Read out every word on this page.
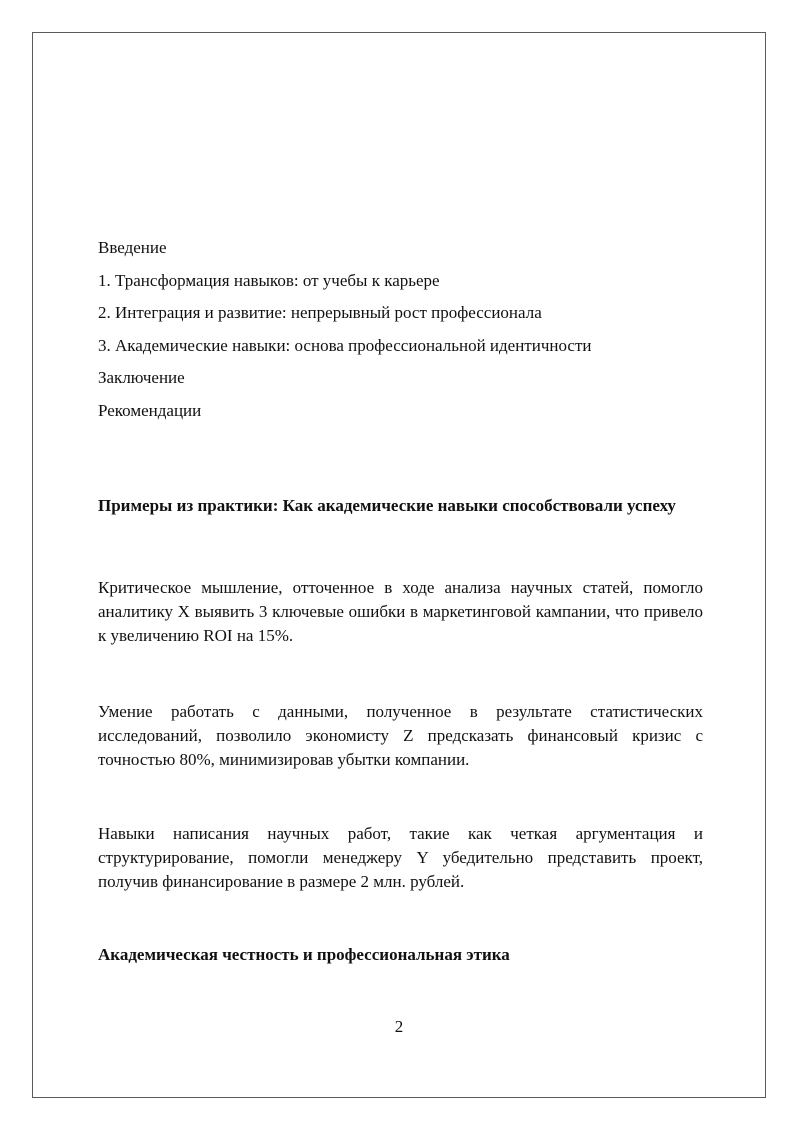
Введение

1. Трансформация навыков: от учебы к карьере

2. Интеграция и развитие: непрерывный рост профессионала

3. Академические навыки: основа профессиональной идентичности

Заключение

Рекомендации

Примеры из практики: Как академические навыки способствовали успеху

Критическое мышление, отточенное в ходе анализа научных статей, помогло аналитику X выявить 3 ключевые ошибки в маркетинговой кампании, что привело к увеличению ROI на 15%.

Умение работать с данными, полученное в результате статистических исследований, позволило экономисту Z предсказать финансовый кризис с точностью 80%, минимизировав убытки компании.

Навыки написания научных работ, такие как четкая аргументация и структурирование, помогли менеджеру Y убедительно представить проект, получив финансирование в размере 2 млн. рублей.

Академическая честность и профессиональная этика
2
